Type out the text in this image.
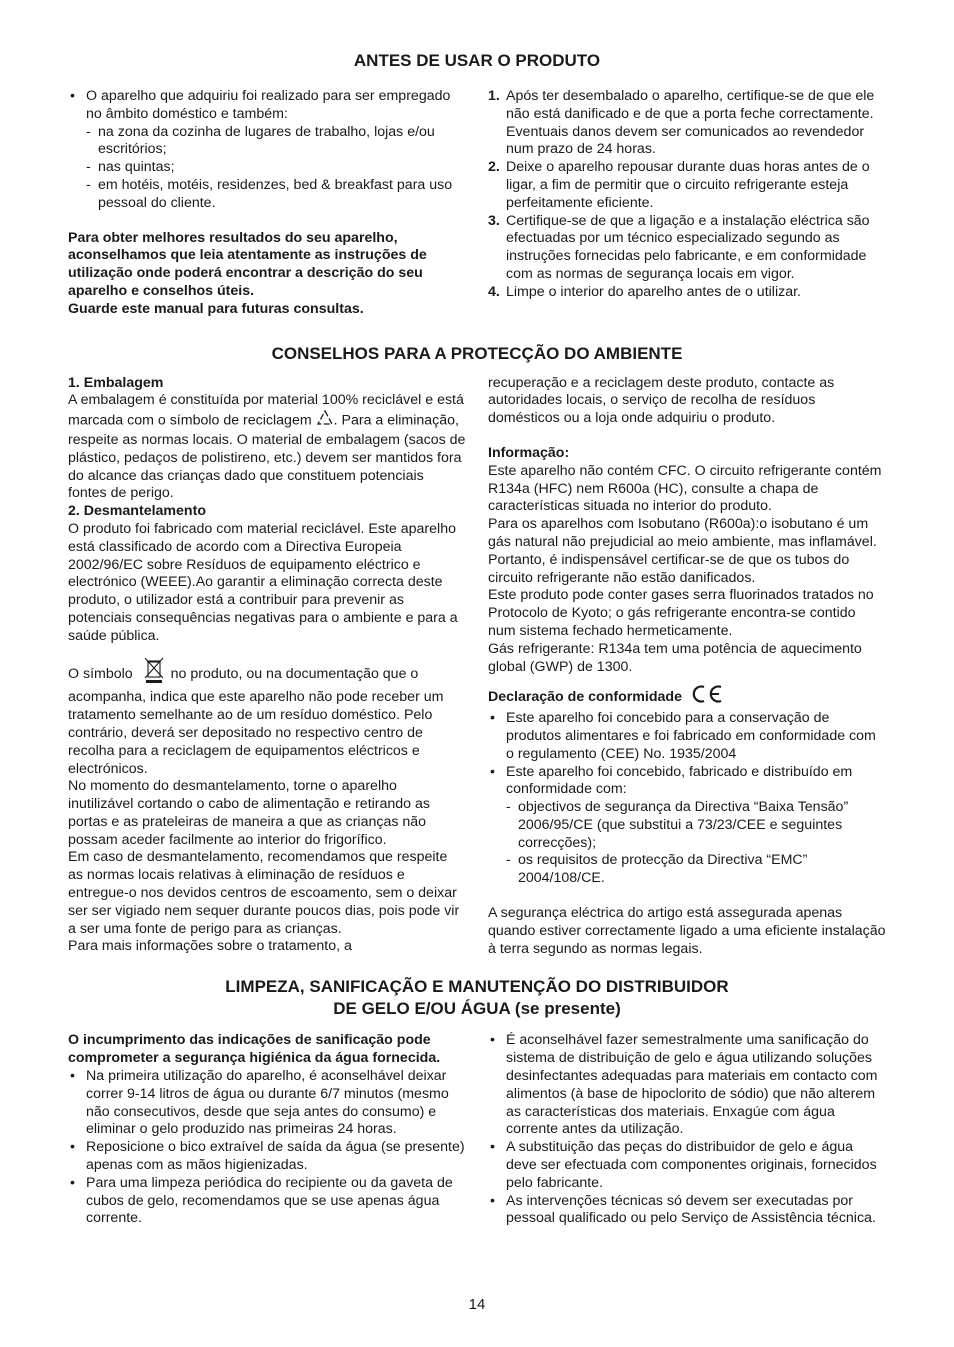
ANTES DE USAR O PRODUTO
• O aparelho que adquiriu foi realizado para ser empregado no âmbito doméstico e também:
- na zona da cozinha de lugares de trabalho, lojas e/ou escritórios;
- nas quintas;
- em hotéis, motéis, residenzes, bed & breakfast para uso pessoal do cliente.

Para obter melhores resultados do seu aparelho, aconselhamos que leia atentamente as instruções de utilização onde poderá encontrar a descrição do seu aparelho e conselhos úteis.

Guarde este manual para futuras consultas.

1. Após ter desembalado o aparelho, certifique-se de que ele não está danificado e de que a porta feche correctamente. Eventuais danos devem ser comunicados ao revendedor num prazo de 24 horas.
2. Deixe o aparelho repousar durante duas horas antes de o ligar, a fim de permitir que o circuito refrigerante esteja perfeitamente eficiente.
3. Certifique-se de que a ligação e a instalação eléctrica são efectuadas por um técnico especializado segundo as instruções fornecidas pelo fabricante, e em conformidade com as normas de segurança locais em vigor.
4. Limpe o interior do aparelho antes de o utilizar.
CONSELHOS PARA A PROTECÇÃO DO AMBIENTE

1. Embalagem

A embalagem é constituída por material 100% reciclável e está marcada com o símbolo de reciclagem . Para a eliminação, respeite as normas locais. O material de embalagem (sacos de plástico, pedaços de polistireno, etc.) devem ser mantidos fora do alcance das crianças dado que constituem potenciais fontes de perigo.

2. Desmantelamento

O produto foi fabricado com material reciclável. Este aparelho está classificado de acordo com a Directiva Europeia 2002/96/EC sobre Resíduos de equipamento eléctrico e electrónico (WEEE).Ao garantir a eliminação correcta deste produto, o utilizador está a contribuir para prevenir as potenciais consequências negativas para o ambiente e para a saúde pública.

O símbolo	no produto, ou na documentação que o acompanha, indica que este aparelho não pode receber um tratamento semelhante ao de um resíduo doméstico. Pelo contrário, deverá ser depositado no respectivo centro de recolha para a reciclagem de equipamentos eléctricos e electrónicos.

No momento do desmantelamento, torne o aparelho inutilizável cortando o cabo de alimentação e retirando as portas e as prateleiras de maneira a que as crianças não possam aceder facilmente ao interior do frigorífico.

Em caso de desmantelamento, recomendamos que respeite as normas locais relativas à eliminação de resíduos e entregue-o nos devidos centros de escoamento, sem o deixar ser ser vigiado nem sequer durante poucos dias, pois pode vir a ser uma fonte de perigo para as crianças.

Para mais informações sobre o tratamento, a

recuperação e a reciclagem deste produto, contacte as autoridades locais, o serviço de recolha de resíduos domésticos ou a loja onde adquiriu o produto.

Informação:

Este aparelho não contém CFC. O circuito refrigerante contém R134a (HFC) nem R600a (HC), consulte a chapa de características situada no interior do produto.

Para os aparelhos com Isobutano (R600a):o isobutano é um gás natural não prejudicial ao meio ambiente, mas inflamável. Portanto, é indispensável certificar-se de que os tubos do circuito refrigerante não estão danificados.

Este produto pode conter gases serra fluorinados tratados no Protocolo de Kyoto; o gás refrigerante encontra-se contido num sistema fechado hermeticamente.

Gás refrigerante: R134a tem uma potência de aquecimento global (GWP) de 1300.

Declaração de conformidade

• Este aparelho foi concebido para a conservação de produtos alimentares e foi fabricado em conformidade com o regulamento (CEE) No. 1935/2004
• Este aparelho foi concebido, fabricado e distribuído em conformidade com:
- objectivos de segurança da Directiva “Baixa Tensão” 2006/95/CE (que substitui a 73/23/CEE e seguintes correcções);
- os requisitos de protecção da Directiva “EMC” 2004/108/CE.

A segurança eléctrica do artigo está assegurada apenas quando estiver correctamente ligado a uma eficiente instalação à terra segundo as normas legais.

LIMPEZA, SANIFICAÇÃO E MANUTENÇÃO DO DISTRIBUIDOR
DE GELO E/OU ÁGUA (se presente)

O incumprimento das indicações de sanificação pode comprometer a segurança higiénica da água fornecida.

• Na primeira utilização do aparelho, é aconselhável deixar correr 9-14 litros de água ou durante 6/7 minutos (mesmo não consecutivos, desde que seja antes do consumo) e eliminar o gelo produzido nas primeiras 24 horas.
• Reposicione o bico extraível de saída da água (se presente) apenas com as mãos higienizadas.
• Para uma limpeza periódica do recipiente ou da gaveta de cubos de gelo, recomendamos que se use apenas água corrente.
• É aconselhável fazer semestralmente uma sanificação do sistema de distribuição de gelo e água utilizando soluções desinfectantes adequadas para materiais em contacto com alimentos (à base de hipoclorito de sódio) que não alterem as características dos materiais. Enxagúe com água corrente antes da utilização.
• A substituição das peças do distribuidor de gelo e água deve ser efectuada com componentes originais, fornecidos pelo fabricante.
• As intervenções técnicas só devem ser executadas por pessoal qualificado ou pelo Serviço de Assistência técnica.
14
